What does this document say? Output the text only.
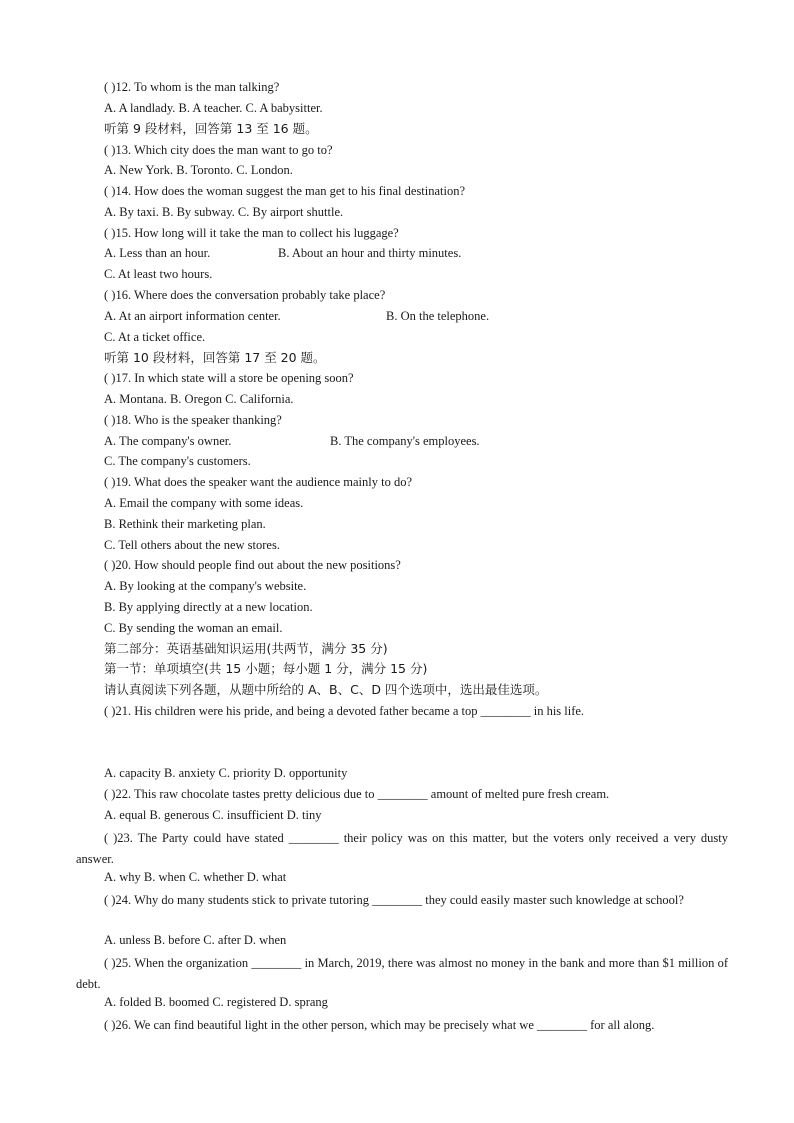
( )12. To whom is the man talking?
A. A landlady. B. A teacher. C. A babysitter.
听第 9 段材料，回答第 13 至 16 题。
( )13. Which city does the man want to go to?
A. New York. B. Toronto. C. London.
( )14. How does the woman suggest the man get to his final destination?
A. By taxi. B. By subway. C. By airport shuttle.
( )15. How long will it take the man to collect his luggage?
A. Less than an hour.	B. About an hour and thirty minutes.
C. At least two hours.
( )16. Where does the conversation probably take place?
A. At an airport information center.	B. On the telephone.
C. At a ticket office.
听第 10 段材料，回答第 17 至 20 题。
( )17. In which state will a store be opening soon?
A. Montana. B. Oregon C. California.
( )18. Who is the speaker thanking?
A. The company's owner.	B. The company's employees.
C. The company's customers.
( )19. What does the speaker want the audience mainly to do?
A. Email the company with some ideas.
B. Rethink their marketing plan.
C. Tell others about the new stores.
( )20. How should people find out about the new positions?
A. By looking at the company's website.
B. By applying directly at a new location.
C. By sending the woman an email.
第二部分：英语基础知识运用(共两节，满分 35 分)
第一节：单项填空(共 15 小题；每小题 1 分，满分 15 分)
请认真阅读下列各题，从题中所给的 A、B、C、D 四个选项中，选出最佳选项。
( )21. His children were his pride, and being a devoted father became a top ________ in his life.
A. capacity B. anxiety C. priority D. opportunity
( )22. This raw chocolate tastes pretty delicious due to ________ amount of melted pure fresh cream.
A. equal B. generous C. insufficient D. tiny
( )23. The Party could have stated ________ their policy was on this matter, but the voters only received a very dusty answer.
A. why B. when C. whether D. what
( )24. Why do many students stick to private tutoring ________ they could easily master such knowledge at school?
A. unless B. before C. after D. when
( )25. When the organization ________ in March, 2019, there was almost no money in the bank and more than $1 million of debt.
A. folded B. boomed C. registered D. sprang
( )26. We can find beautiful light in the other person, which may be precisely what we ________ for all along.
